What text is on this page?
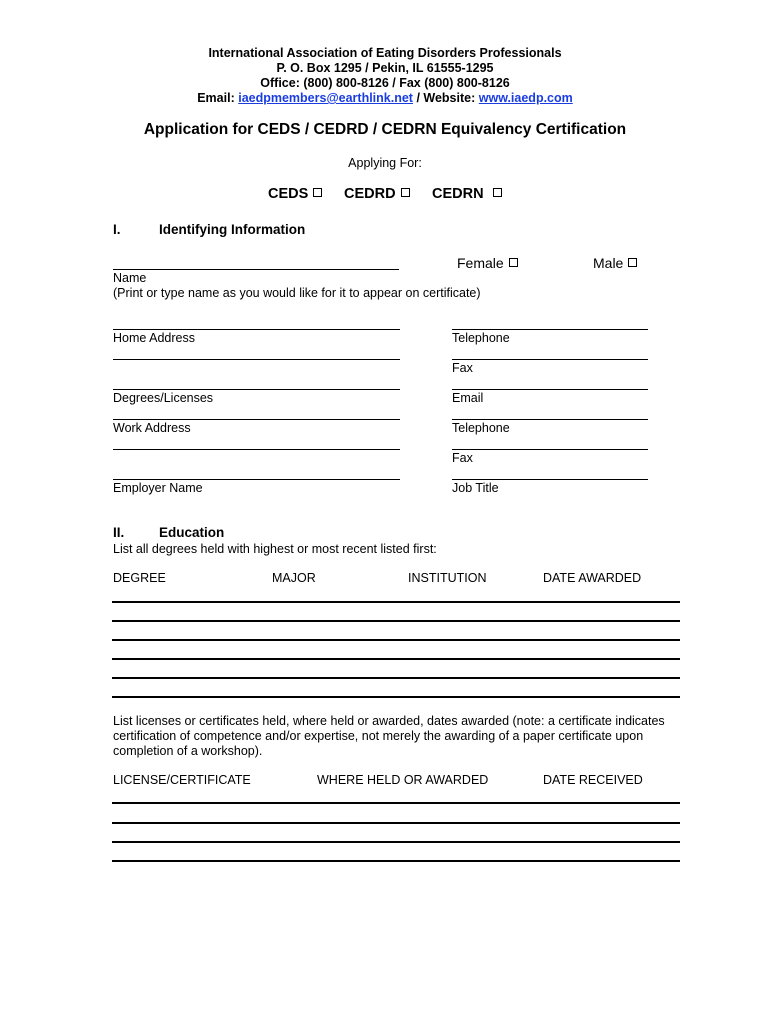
International Association of Eating Disorders Professionals
P. O. Box 1295 / Pekin, IL 61555-1295
Office: (800) 800-8126 / Fax (800) 800-8126
Email: iaedpmembers@earthlink.net / Website: www.iaedp.com
Application for CEDS / CEDRD / CEDRN Equivalency Certification
Applying For:
CEDS	CEDRD	CEDRN
I.	Identifying Information
Female	Male
Name
(Print or type name as you would like for it to appear on certificate)
Home Address	Telephone
Fax
Degrees/Licenses	Email
Work Address	Telephone
Fax
Employer Name	Job Title
II.	Education
List all degrees held with highest or most recent listed first:
DEGREE	MAJOR	INSTITUTION	DATE AWARDED
List licenses or certificates held, where held or awarded, dates awarded (note: a certificate indicates
certification of competence and/or expertise, not merely the awarding of a paper certificate upon
completion of a workshop).
LICENSE/CERTIFICATE	WHERE HELD OR AWARDED	DATE RECEIVED
